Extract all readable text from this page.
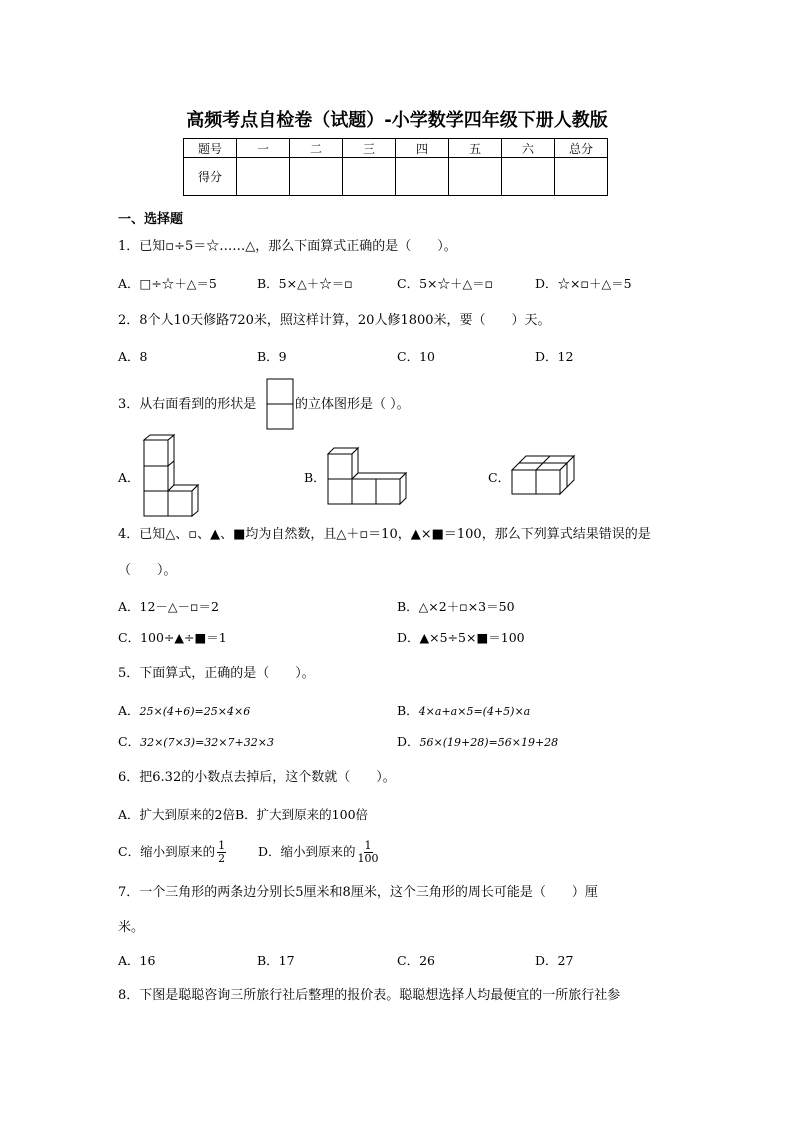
高频考点自检卷（试题）-小学数学四年级下册人教版
题号	一	二	三	四	五	六	总分
得分							
一、选择题
1．已知▫÷5＝☆……△，那么下面算式正确的是（　　）。
A．□÷☆＋△＝5	B．5×△＋☆＝▫	C．5×☆＋△＝▫	D．☆×▫＋△＝5
2．8个人10天修路720米，照这样计算，20人修1800米，要（　　）天。
A．8	B．9	C．10	D．12
3．从右面看到的形状是	的立体图形是（ ）。
A．	B．	C．
4．已知△、▫、▲、■均为自然数，且△＋▫＝10，▲×■＝100，那么下列算式结果错误的是
（　　）。
A．12－△－▫＝2	B．△×2＋▫×3＝50
C．100÷▲÷■＝1	D．▲×5÷5×■＝100
5．下面算式，正确的是（　　）。
A．25×(4+6)=25×4×6	B．4×a+a×5=(4+5)×a
C．32×(7×3)=32×7+32×3	D．56×(19+28)=56×19+28
6．把6.32的小数点去掉后，这个数就（　　）。
A．扩大到原来的2倍B．扩大到原来的100倍
C．缩小到原来的 $\frac{1}{2}$	D．缩小到原来的 $\frac{1}{100}$
7．一个三角形的两条边分别长5厘米和8厘米，这个三角形的周长可能是（　　）厘
米。
A．16	B．17	C．26	D．27
8．下图是聪聪咨询三所旅行社后整理的报价表。聪聪想选择人均最便宜的一所旅行社参
